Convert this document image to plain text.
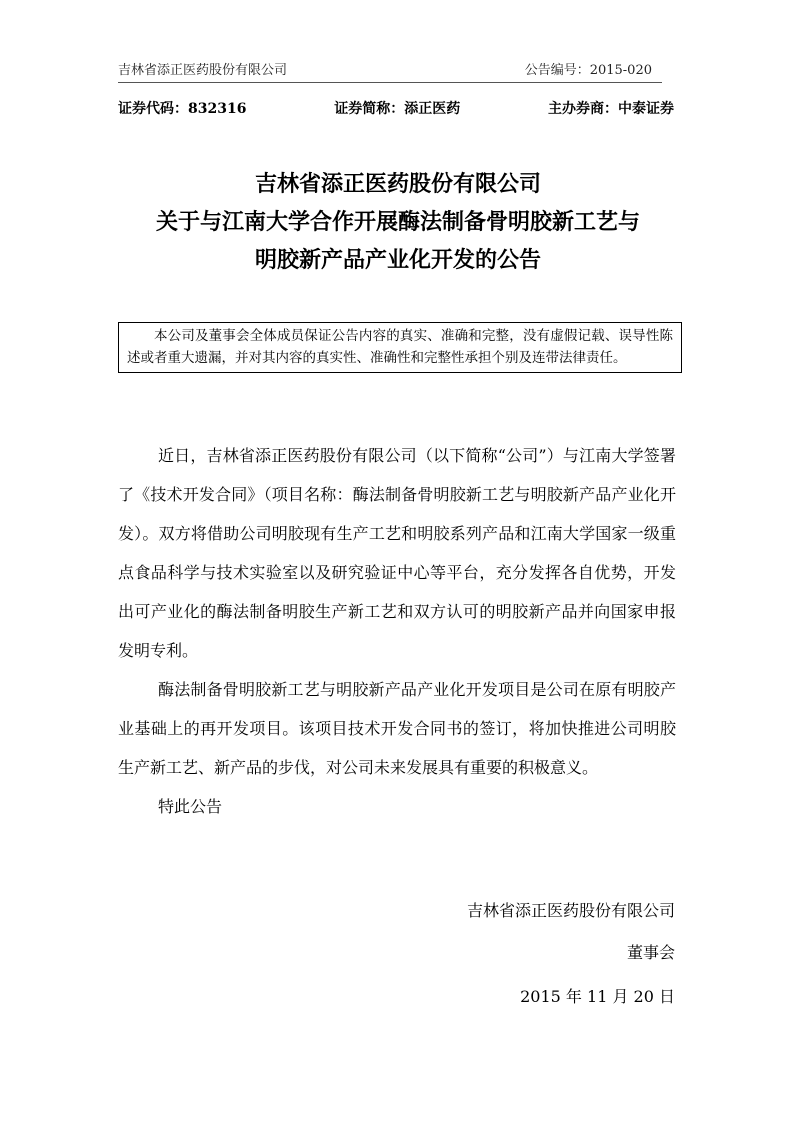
吉林省添正医药股份有限公司	公告编号：2015-020
证券代码：832316	证券简称：添正医药	主办券商：中泰证券
吉林省添正医药股份有限公司
关于与江南大学合作开展酶法制备骨明胶新工艺与
明胶新产品产业化开发的公告
本公司及董事会全体成员保证公告内容的真实、准确和完整，没有虚假记载、误导性陈述或者重大遗漏，并对其内容的真实性、准确性和完整性承担个别及连带法律责任。

近日，吉林省添正医药股份有限公司（以下简称“公司”）与江南大学签署了《技术开发合同》（项目名称：酶法制备骨明胶新工艺与明胶新产品产业化开发）。双方将借助公司明胶现有生产工艺和明胶系列产品和江南大学国家一级重点食品科学与技术实验室以及研究验证中心等平台，充分发挥各自优势，开发出可产业化的酶法制备明胶生产新工艺和双方认可的明胶新产品并向国家申报发明专利。

酶法制备骨明胶新工艺与明胶新产品产业化开发项目是公司在原有明胶产业基础上的再开发项目。该项目技术开发合同书的签订，将加快推进公司明胶生产新工艺、新产品的步伐，对公司未来发展具有重要的积极意义。

特此公告

吉林省添正医药股份有限公司
董事会
2015 年 11 月 20 日
